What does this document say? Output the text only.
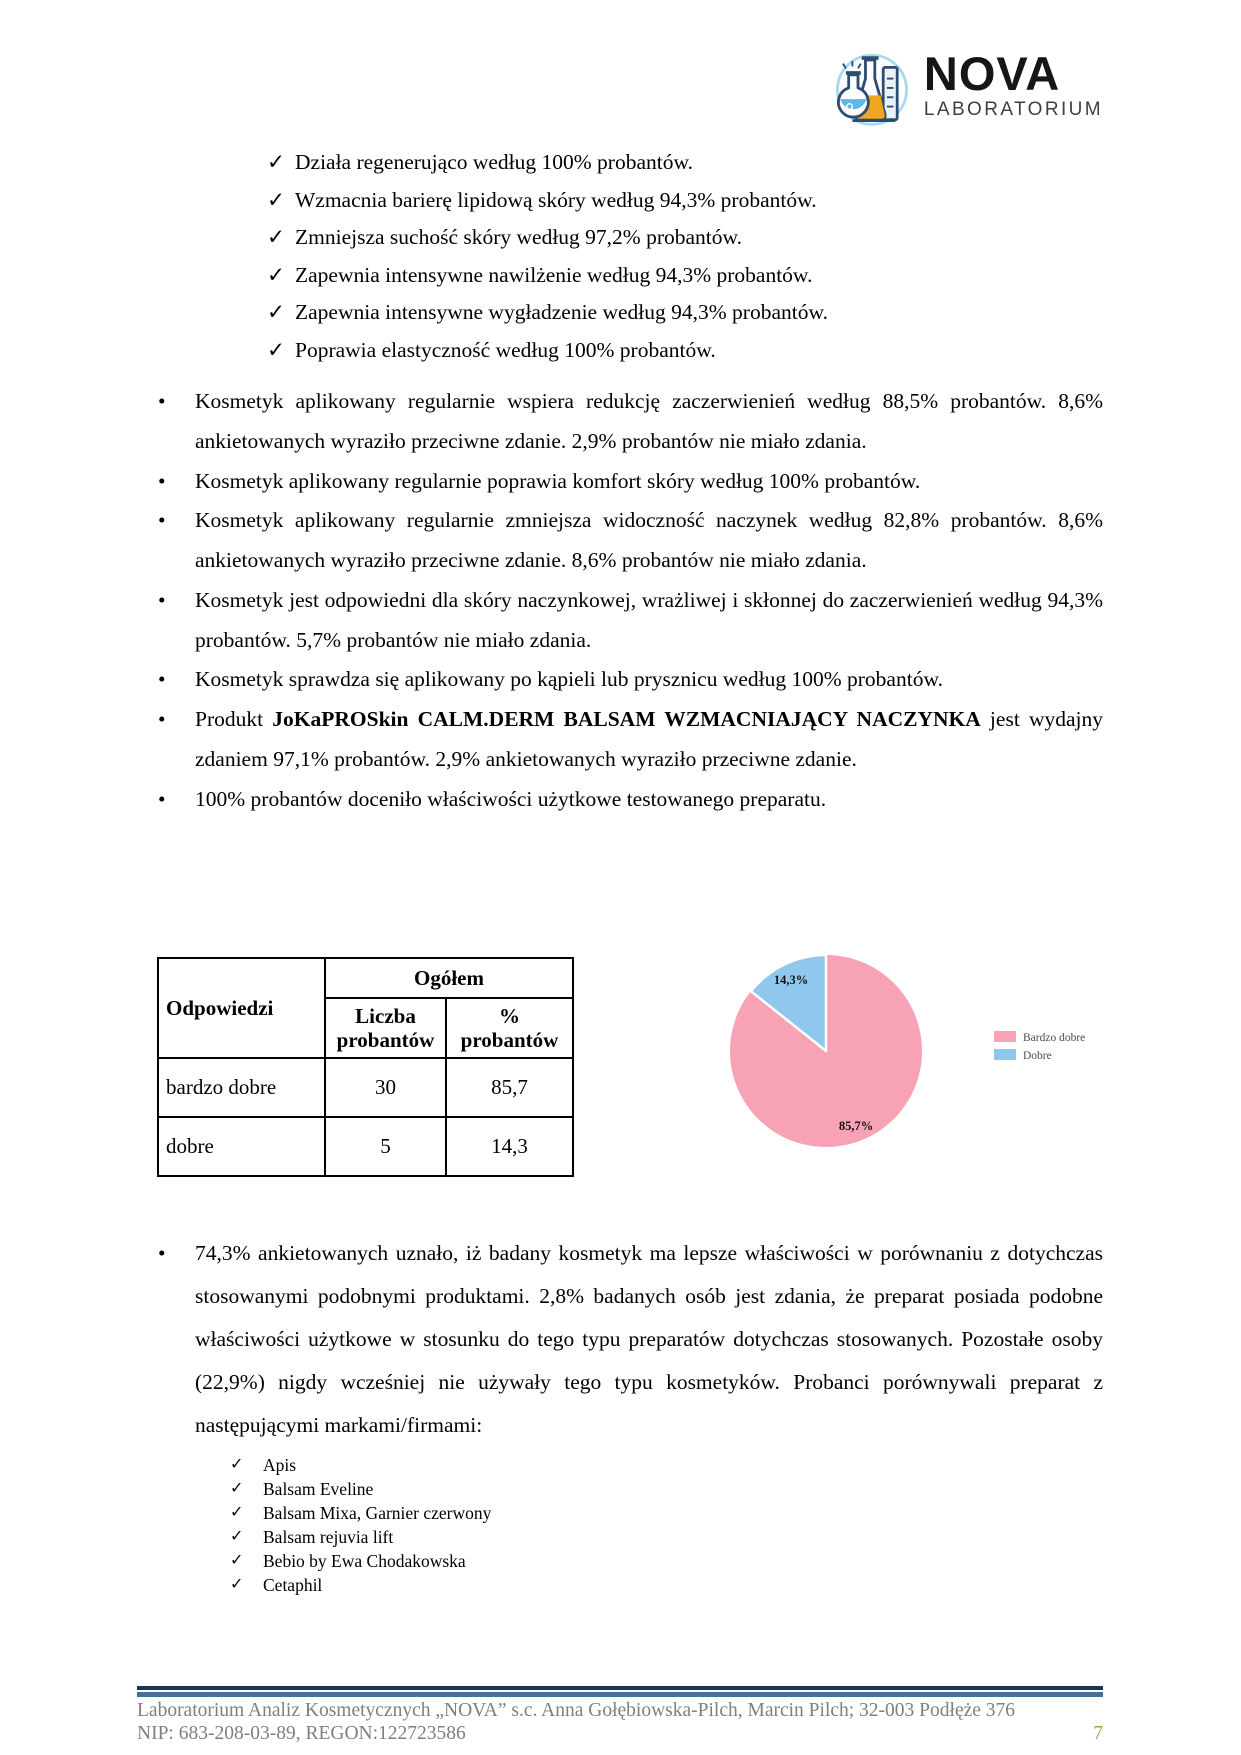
NOVA
LABORATORIUM
✓ Działa regenerująco według 100% probantów.
✓ Wzmacnia barierę lipidową skóry według 94,3% probantów.
✓ Zmniejsza suchość skóry według 97,2% probantów.
✓ Zapewnia intensywne nawilżenie według 94,3% probantów.
✓ Zapewnia intensywne wygładzenie według 94,3% probantów.
✓ Poprawia elastyczność według 100% probantów.
• Kosmetyk aplikowany regularnie wspiera redukcję zaczerwienień według 88,5% probantów. 8,6% ankietowanych wyraziło przeciwne zdanie. 2,9% probantów nie miało zdania.
• Kosmetyk aplikowany regularnie poprawia komfort skóry według 100% probantów.
• Kosmetyk aplikowany regularnie zmniejsza widoczność naczynek według 82,8% probantów. 8,6% ankietowanych wyraziło przeciwne zdanie. 8,6% probantów nie miało zdania.
• Kosmetyk jest odpowiedni dla skóry naczynkowej, wrażliwej i skłonnej do zaczerwienień według 94,3% probantów. 5,7% probantów nie miało zdania.
• Kosmetyk sprawdza się aplikowany po kąpieli lub prysznicu według 100% probantów.
• Produkt JoKaPROSkin CALM.DERM BALSAM WZMACNIAJĄCY NACZYNKA jest wydajny zdaniem 97,1% probantów. 2,9% ankietowanych wyraziło przeciwne zdanie.
• 100% probantów doceniło właściwości użytkowe testowanego preparatu.
Odpowiedzi	Ogółem	
	Liczba probantów	% probantów
bardzo dobre	30	85,7
dobre	5	14,3
14,3%
85,7%
Bardzo dobre
Dobre
• 74,3% ankietowanych uznało, iż badany kosmetyk ma lepsze właściwości w porównaniu z dotychczas stosowanymi podobnymi produktami. 2,8% badanych osób jest zdania, że preparat posiada podobne właściwości użytkowe w stosunku do tego typu preparatów dotychczas stosowanych. Pozostałe osoby (22,9%) nigdy wcześniej nie używały tego typu kosmetyków. Probanci porównywali preparat z następującymi markami/firmami:
✓	Apis
✓	Balsam Eveline
✓	Balsam Mixa, Garnier czerwony
✓	Balsam rejuvia lift
✓	Bebio by Ewa Chodakowska
✓	Cetaphil
Laboratorium Analiz Kosmetycznych „NOVA” s.c. Anna Gołębiowska-Pilch, Marcin Pilch; 32-003 Podłęże 376
NIP: 683-208-03-89, REGON:122723586	7
